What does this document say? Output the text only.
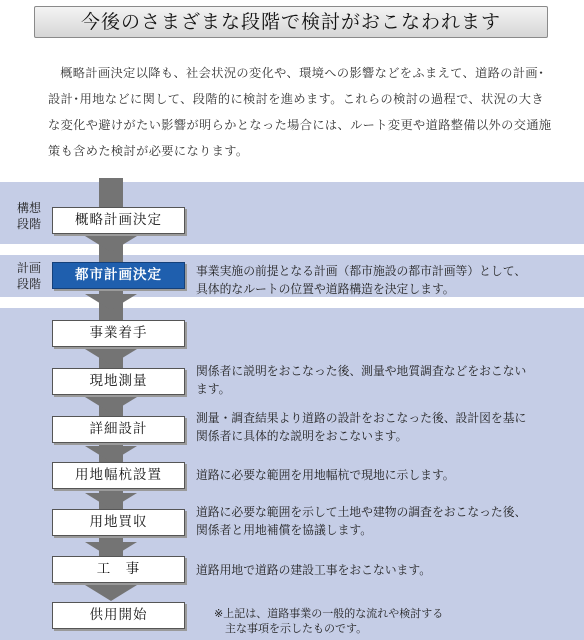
今後のさまざまな段階で検討がおこなわれます
概略計画決定以降も、社会状況の変化や、環境への影響などをふまえて、道路の計画･設計･用地などに関して、段階的に検討を進めます。これらの検討の過程で、状況の大きな変化や避けがたい影響が明らかとなった場合には、ルート変更や道路整備以外の交通施策も含めた検討が必要になります。
構想
段階
計画
段階
概略計画決定
都市計画決定
事業着手
現地測量
詳細設計
用地幅杭設置
用地買収
工　事
供用開始
事業実施の前提となる計画（都市施設の都市計画等）として、具体的なルートの位置や道路構造を決定します。
関係者に説明をおこなった後、測量や地質調査などをおこないます。
測量・調査結果より道路の設計をおこなった後、設計図を基に関係者に具体的な説明をおこないます。
道路に必要な範囲を用地幅杭で現地に示します。
道路に必要な範囲を示して土地や建物の調査をおこなった後、関係者と用地補償を協議します。
道路用地で道路の建設工事をおこないます。
※上記は、道路事業の一般的な流れや検討する
主な事項を示したものです。
